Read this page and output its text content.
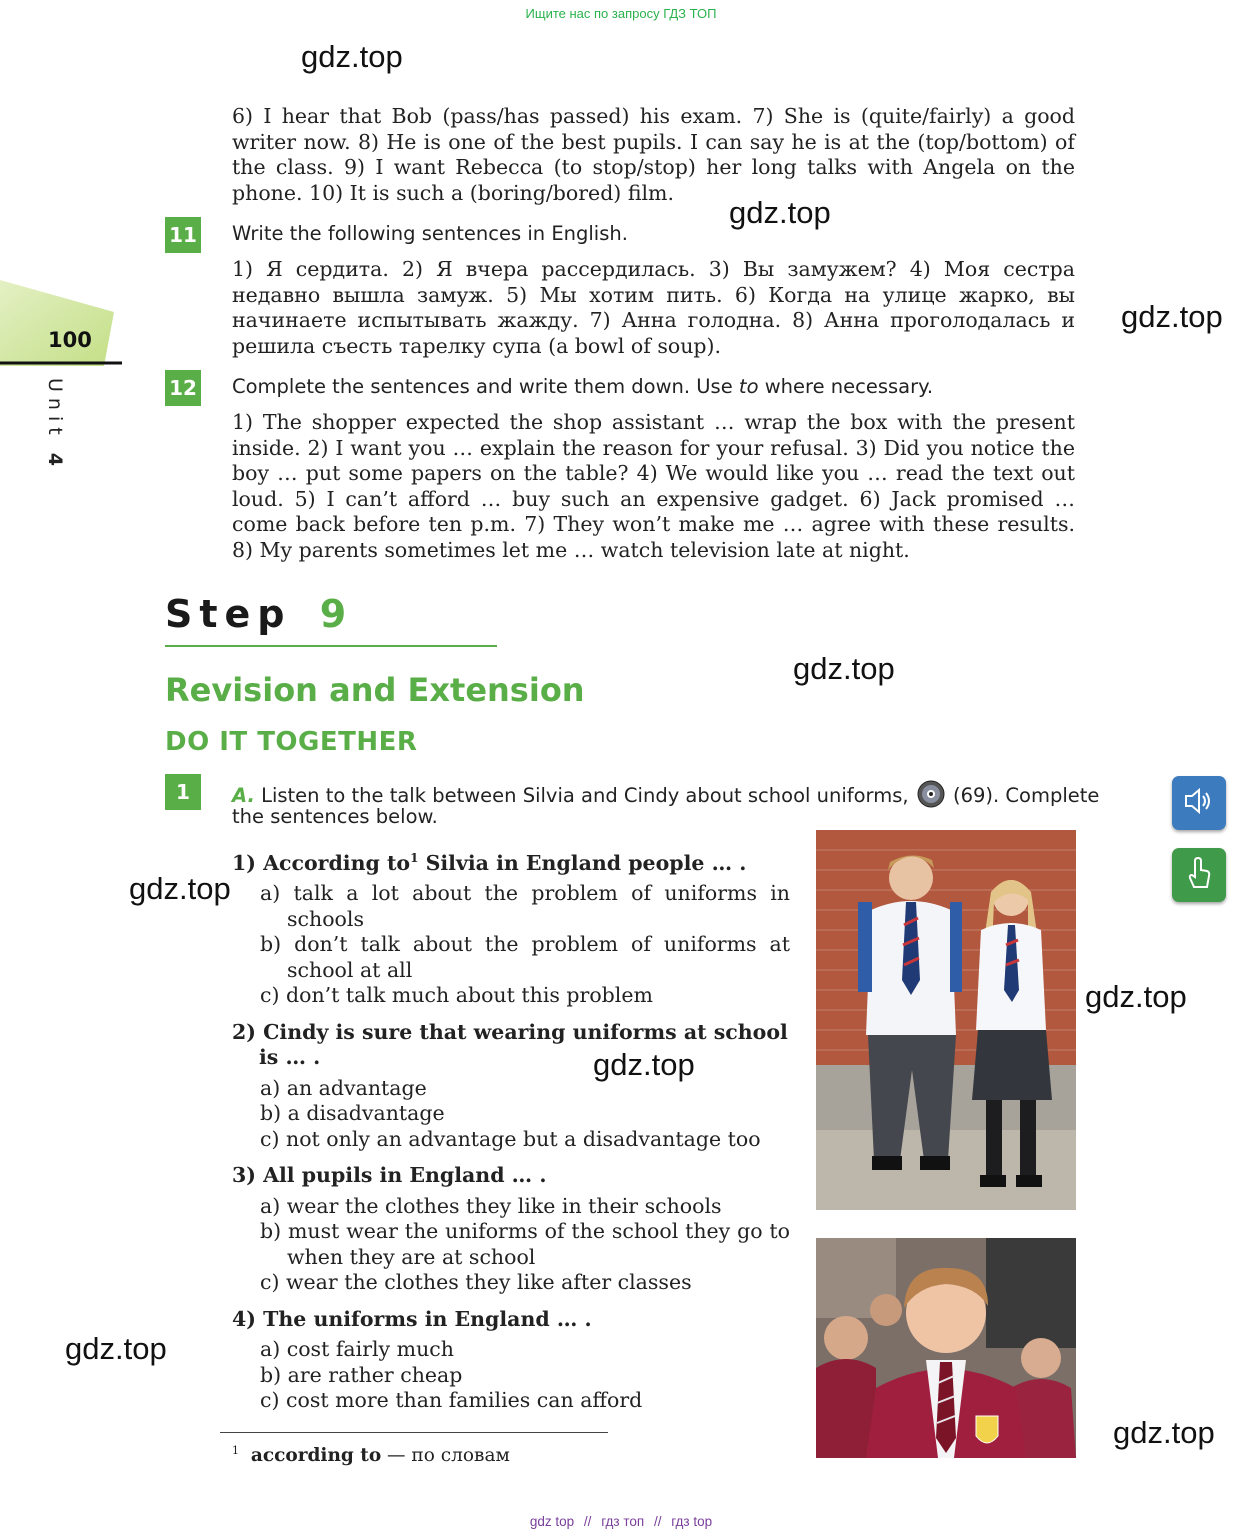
Ищите нас по запросу ГДЗ ТОП
100
Unit 4
6) I hear that Bob (pass/has passed) his exam. 7) She is (quite/fairly) a good writer now. 8) He is one of the best pupils. I can say he is at the (top/bottom) of the class. 9) I want Rebecca (to stop/stop) her long talks with Angela on the phone. 10) It is such a (boring/bored) film.
11 Write the following sentences in English.
1) Я сердита. 2) Я вчера рассердилась. 3) Вы замужем? 4) Моя сестра недавно вышла замуж. 5) Мы хотим пить. 6) Когда на улице жарко, вы начинаете испытывать жажду. 7) Анна голодна. 8) Анна проголодалась и решила съесть тарелку супа (a bowl of soup).
12 Complete the sentences and write them down. Use to where necessary.
1) The shopper expected the shop assistant … wrap the box with the present inside. 2) I want you … explain the reason for your refusal. 3) Did you notice the boy … put some papers on the table? 4) We would like you … read the text out loud. 5) I can’t afford … buy such an expensive gadget. 6) Jack promised … come back before ten p.m. 7) They won’t make me … agree with these results. 8) My parents sometimes let me … watch television late at night.
Step 9
Revision and Extension
DO IT TOGETHER
1	A. Listen to the talk between Silvia and Cindy about school uniforms, (69). Complete
the sentences below.
1) According $to^1$ Silvia in England people … .
a) talk a lot about the problem of uniforms in schools
b) don’t talk about the problem of uniforms at school at all
c) don’t talk much about this problem
2) Cindy is sure that wearing uniforms at school is … .
a) an advantage
b) a disadvantage
c) not only an advantage but a disadvantage too
3) All pupils in England … .
a) wear the clothes they like in their schools
b) must wear the uniforms of the school they go to when they are at school
c) wear the clothes they like after classes
4) The uniforms in England … .
a) cost fairly much
b) are rather cheap
c) cost more than families can afford
$^1$ according to — по словам
gdz.top
gdz.top
gdz.top
gdz.top
gdz.top
gdz.top
gdz.top
gdz.top
gdz.top
gdz top // гдз топ // гдз top
